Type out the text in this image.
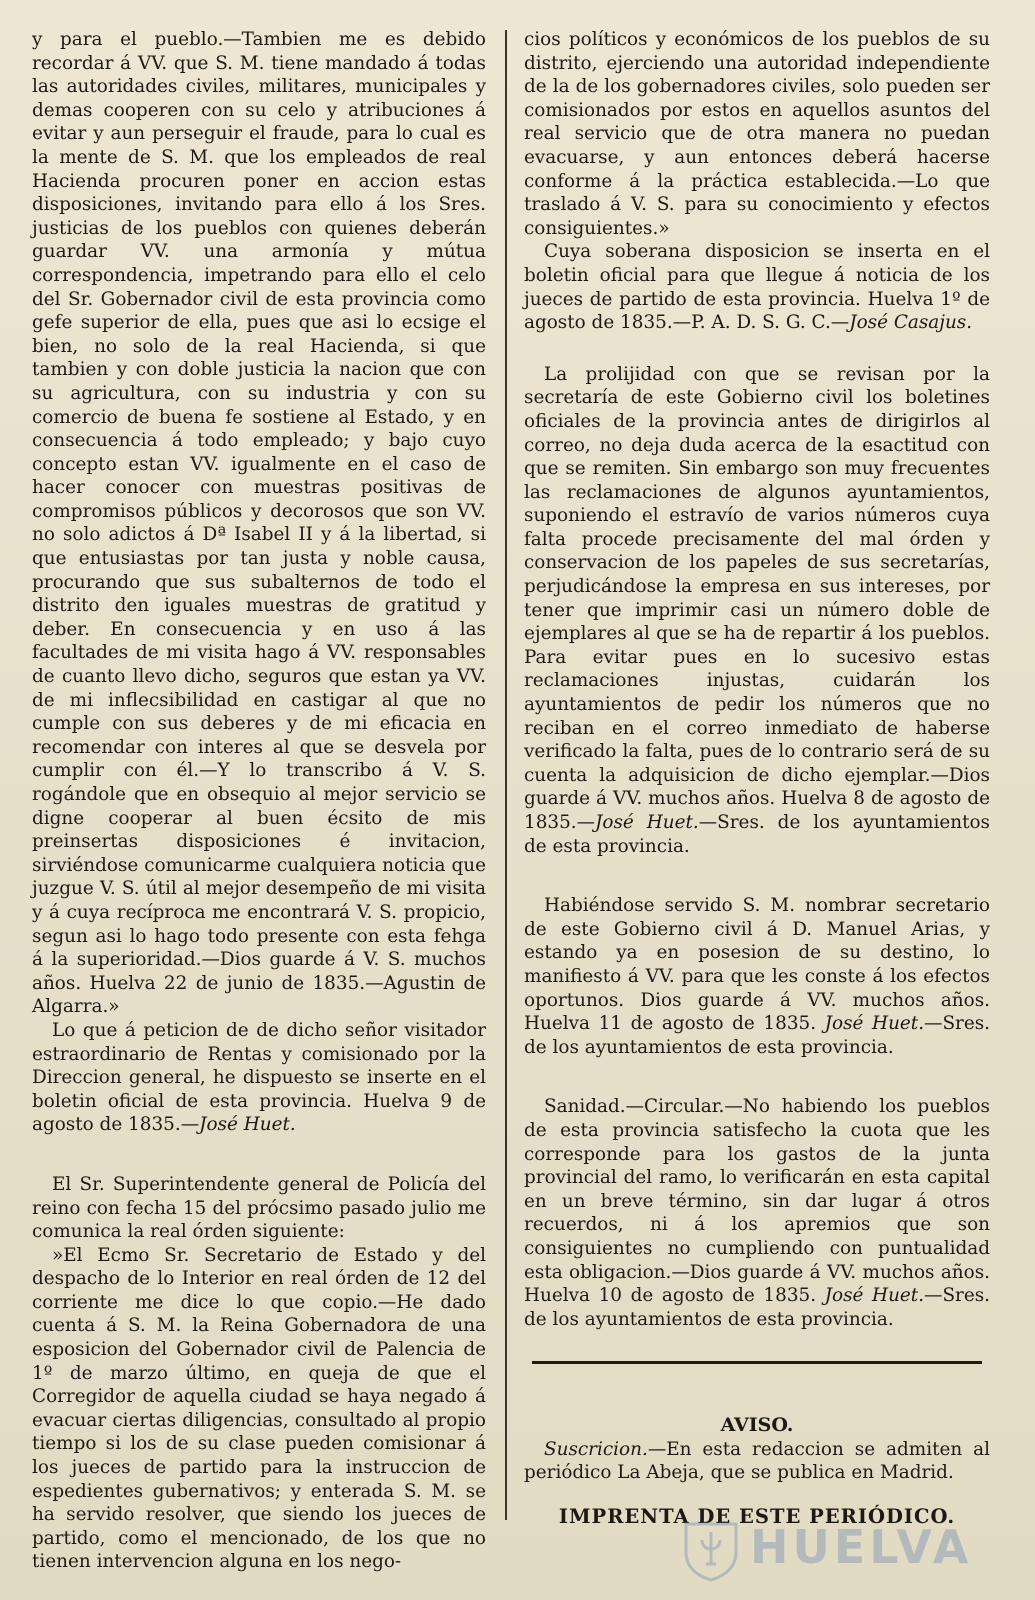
y para el pueblo.—Tambien me es debido recordar á VV. que S. M. tiene mandado á todas las autoridades civiles, militares, municipales y demas cooperen con su celo y atribuciones á evitar y aun perseguir el fraude, para lo cual es la mente de S. M. que los empleados de real Hacienda procuren poner en accion estas disposiciones, invitando para ello á los Sres. justicias de los pueblos con quienes deberán guardar VV. una armonía y mútua correspondencia, impetrando para ello el celo del Sr. Gobernador civil de esta provincia como gefe superior de ella, pues que asi lo ecsige el bien, no solo de la real Hacienda, si que tambien y con doble justicia la nacion que con su agricultura, con su industria y con su comercio de buena fe sostiene al Estado, y en consecuencia á todo empleado; y bajo cuyo concepto estan VV. igualmente en el caso de hacer conocer con muestras positivas de compromisos públicos y decorosos que son VV. no solo adictos á Dª Isabel II y á la libertad, si que entusiastas por tan justa y noble causa, procurando que sus subalternos de todo el distrito den iguales muestras de gratitud y deber. En consecuencia y en uso á las facultades de mi visita hago á VV. responsables de cuanto llevo dicho, seguros que estan ya VV. de mi inflecsibilidad en castigar al que no cumple con sus deberes y de mi eficacia en recomendar con interes al que se desvela por cumplir con él.—Y lo transcribo á V. S. rogándole que en obsequio al mejor servicio se digne cooperar al buen écsito de mis preinsertas disposiciones é invitacion, sirviéndose comunicarme cualquiera noticia que juzgue V. S. útil al mejor desempeño de mi visita y á cuya recíproca me encontrará V. S. propicio, segun asi lo hago todo presente con esta fehga á la superioridad.—Dios guarde á V. S. muchos años. Huelva 22 de junio de 1835.—Agustin de Algarra.»

Lo que á peticion de de dicho señor visitador estraordinario de Rentas y comisionado por la Direccion general, he dispuesto se inserte en el boletin oficial de esta provincia. Huelva 9 de agosto de 1835.—José Huet.

El Sr. Superintendente general de Policía del reino con fecha 15 del prócsimo pasado julio me comunica la real órden siguiente:

»El Ecmo Sr. Secretario de Estado y del despacho de lo Interior en real órden de 12 del corriente me dice lo que copio.—He dado cuenta á S. M. la Reina Gobernadora de una esposicion del Gobernador civil de Palencia de 1º de marzo último, en queja de que el Corregidor de aquella ciudad se haya negado á evacuar ciertas diligencias, consultado al propio tiempo si los de su clase pueden comisionar á los jueces de partido para la instruccion de espedientes gubernativos; y enterada S. M. se ha servido resolver, que siendo los jueces de partido, como el mencionado, de los que no tienen intervencion alguna en los nego-

cios políticos y económicos de los pueblos de su distrito, ejerciendo una autoridad independiente de la de los gobernadores civiles, solo pueden ser comisionados por estos en aquellos asuntos del real servicio que de otra manera no puedan evacuarse, y aun entonces deberá hacerse conforme á la práctica establecida.—Lo que traslado á V. S. para su conocimiento y efectos consiguientes.»

Cuya soberana disposicion se inserta en el boletin oficial para que llegue á noticia de los jueces de partido de esta provincia. Huelva 1º de agosto de 1835.—P. A. D. S. G. C.—José Casajus.

La prolijidad con que se revisan por la secretaría de este Gobierno civil los boletines oficiales de la provincia antes de dirigirlos al correo, no deja duda acerca de la esactitud con que se remiten. Sin embargo son muy frecuentes las reclamaciones de algunos ayuntamientos, suponiendo el estravío de varios números cuya falta procede precisamente del mal órden y conservacion de los papeles de sus secretarías, perjudicándose la empresa en sus intereses, por tener que imprimir casi un número doble de ejemplares al que se ha de repartir á los pueblos. Para evitar pues en lo sucesivo estas reclamaciones injustas, cuidarán los ayuntamientos de pedir los números que no reciban en el correo inmediato de haberse verificado la falta, pues de lo contrario será de su cuenta la adquisicion de dicho ejemplar.—Dios guarde á VV. muchos años. Huelva 8 de agosto de 1835.—José Huet.—Sres. de los ayuntamientos de esta provincia.

Habiéndose servido S. M. nombrar secretario de este Gobierno civil á D. Manuel Arias, y estando ya en posesion de su destino, lo manifiesto á VV. para que les conste á los efectos oportunos. Dios guarde á VV. muchos años. Huelva 11 de agosto de 1835. José Huet.—Sres. de los ayuntamientos de esta provincia.

Sanidad.—Circular.—No habiendo los pueblos de esta provincia satisfecho la cuota que les corresponde para los gastos de la junta provincial del ramo, lo verificarán en esta capital en un breve término, sin dar lugar á otros recuerdos, ni á los apremios que son consiguientes no cumpliendo con puntualidad esta obligacion.—Dios guarde á VV. muchos años. Huelva 10 de agosto de 1835. José Huet.—Sres. de los ayuntamientos de esta provincia.

AVISO.

Suscricion.—En esta redaccion se admiten al periódico La Abeja, que se publica en Madrid.

IMPRENTA DE ESTE PERIÓDICO.
HUELVA
